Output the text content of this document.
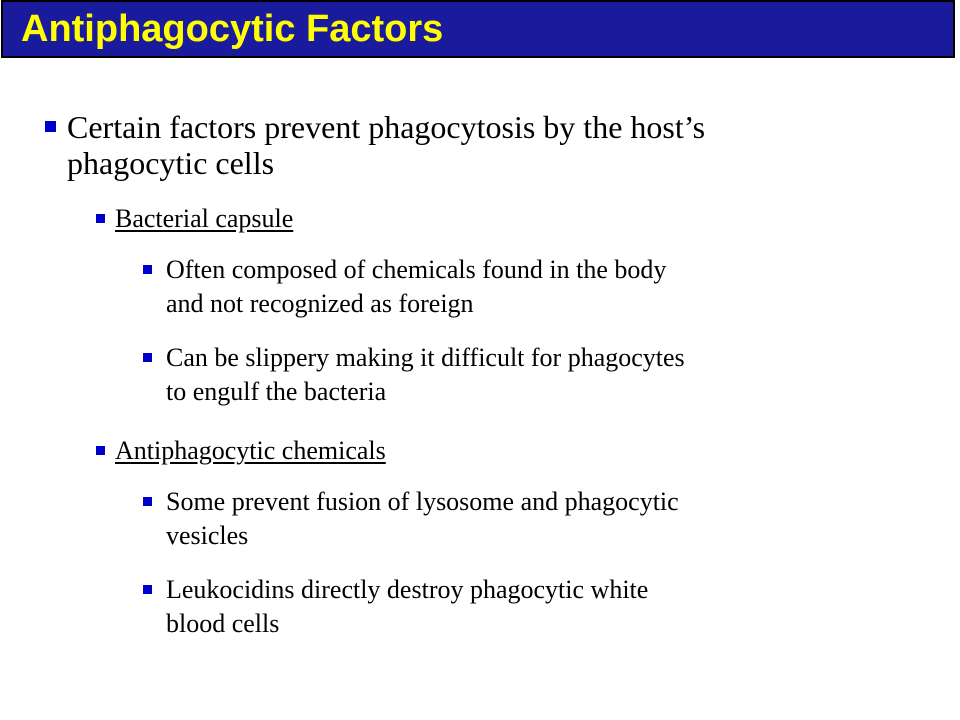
Antiphagocytic Factors
Certain factors prevent phagocytosis by the host’s
phagocytic cells
Bacterial capsule
Often composed of chemicals found in the body
and not recognized as foreign
Can be slippery making it difficult for phagocytes
to engulf the bacteria
Antiphagocytic chemicals
Some prevent fusion of lysosome and phagocytic
vesicles
Leukocidins directly destroy phagocytic white
blood cells
